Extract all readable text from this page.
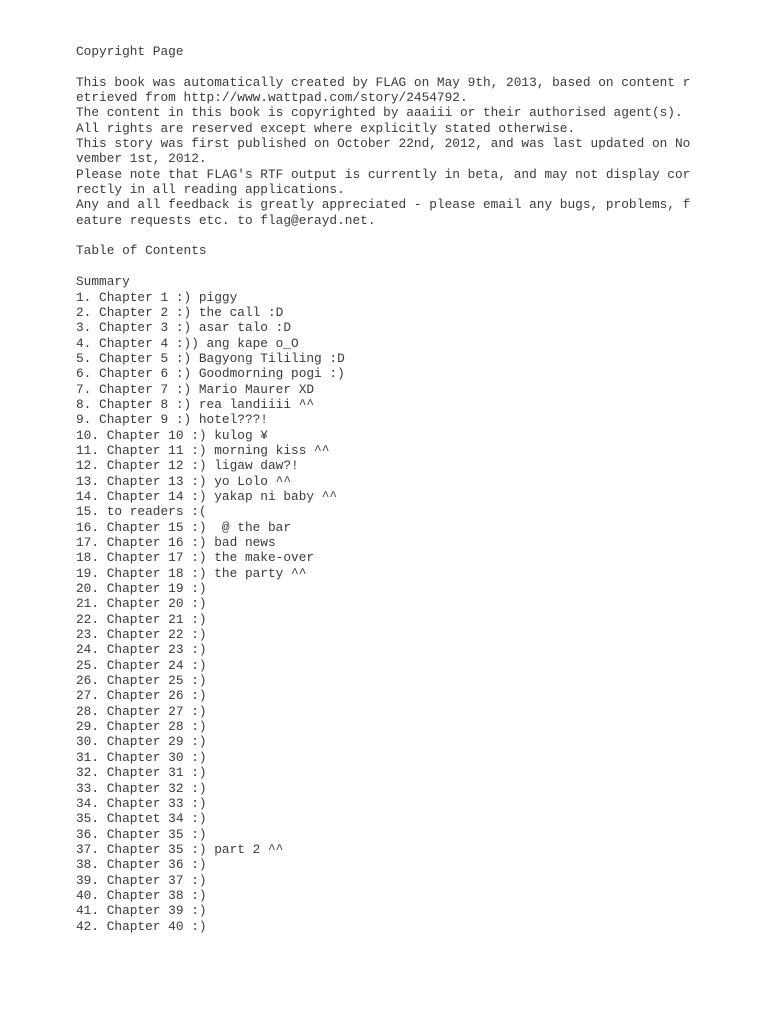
Copyright Page
This book was automatically created by FLAG on May 9th, 2013, based on content r
etrieved from http://www.wattpad.com/story/2454792.
The content in this book is copyrighted by aaaiii or their authorised agent(s).
All rights are reserved except where explicitly stated otherwise.
This story was first published on October 22nd, 2012, and was last updated on No
vember 1st, 2012.
Please note that FLAG's RTF output is currently in beta, and may not display cor
rectly in all reading applications.
Any and all feedback is greatly appreciated - please email any bugs, problems, f
eature requests etc. to flag@erayd.net.
Table of Contents
Summary
1. Chapter 1 :) piggy
2. Chapter 2 :) the call :D
3. Chapter 3 :) asar talo :D
4. Chapter 4 :)) ang kape o_O
5. Chapter 5 :) Bagyong Tililing :D
6. Chapter 6 :) Goodmorning pogi :)
7. Chapter 7 :) Mario Maurer XD
8. Chapter 8 :) rea landiiii ^^
9. Chapter 9 :) hotel???!
10. Chapter 10 :) kulog ¥
11. Chapter 11 :) morning kiss ^^
12. Chapter 12 :) ligaw daw?!
13. Chapter 13 :) yo Lolo ^^
14. Chapter 14 :) yakap ni baby ^^
15. to readers :(
16. Chapter 15 :)  @ the bar
17. Chapter 16 :) bad news
18. Chapter 17 :) the make-over
19. Chapter 18 :) the party ^^
20. Chapter 19 :)
21. Chapter 20 :)
22. Chapter 21 :)
23. Chapter 22 :)
24. Chapter 23 :)
25. Chapter 24 :)
26. Chapter 25 :)
27. Chapter 26 :)
28. Chapter 27 :)
29. Chapter 28 :)
30. Chapter 29 :)
31. Chapter 30 :)
32. Chapter 31 :)
33. Chapter 32 :)
34. Chapter 33 :)
35. Chaptet 34 :)
36. Chapter 35 :)
37. Chapter 35 :) part 2 ^^
38. Chapter 36 :)
39. Chapter 37 :)
40. Chapter 38 :)
41. Chapter 39 :)
42. Chapter 40 :)
